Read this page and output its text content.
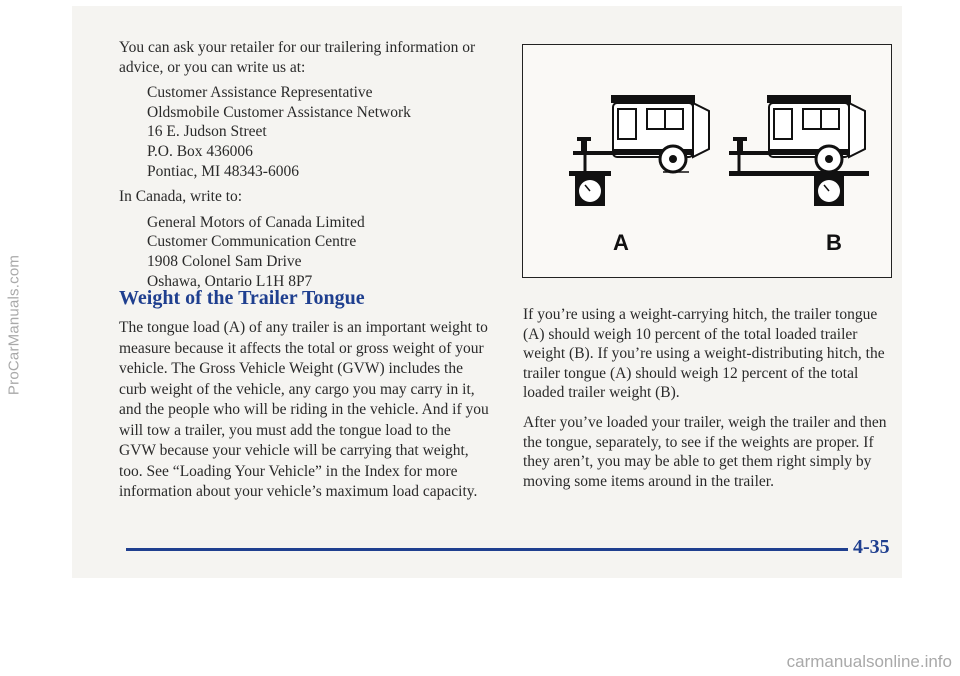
ProCarManuals.com

You can ask your retailer for our trailering information or advice, or you can write us at:

Customer Assistance Representative
Oldsmobile Customer Assistance Network
16 E. Judson Street
P.O. Box 436006
Pontiac, MI 48343-6006

In Canada, write to:

General Motors of Canada Limited
Customer Communication Centre
1908 Colonel Sam Drive
Oshawa, Ontario L1H 8P7
Weight of the Trailer Tongue

The tongue load (A) of any trailer is an important weight to measure because it affects the total or gross weight of your vehicle. The Gross Vehicle Weight (GVW) includes the curb weight of the vehicle, any cargo you may carry in it, and the people who will be riding in the vehicle. And if you will tow a trailer, you must add the tongue load to the GVW because your vehicle will be carrying that weight, too. See “Loading Your Vehicle” in the Index for more information about your vehicle’s maximum load capacity.

A	B

If you’re using a weight-carrying hitch, the trailer tongue (A) should weigh 10 percent of the total loaded trailer weight (B). If you’re using a weight-distributing hitch, the trailer tongue (A) should weigh 12 percent of the total loaded trailer weight (B).

After you’ve loaded your trailer, weigh the trailer and then the tongue, separately, to see if the weights are proper. If they aren’t, you may be able to get them right simply by moving some items around in the trailer.

4-35
carmanualsonline.info
